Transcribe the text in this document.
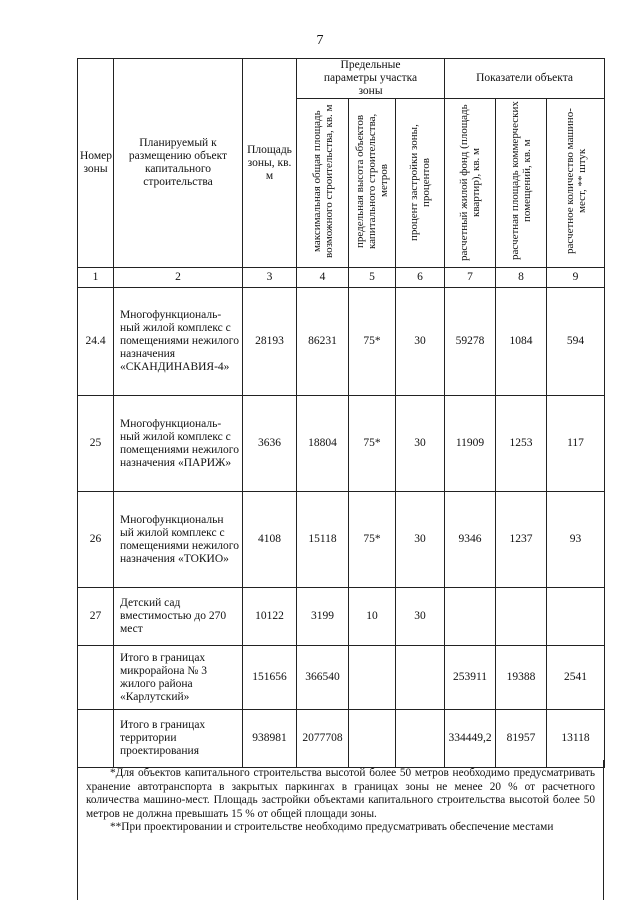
7
Номер зоны	Планируемый к размещению объект капитального строительства	Площадь зоны, кв. м	Предельные параметры участка зоны			Показатели объекта		

			максимальная общая площадь возможного строительства, кв. м	предельная высота объектов капитального строительства, метров	процент застройки зоны, процентов	расчетный жилой фонд (площадь квартир), кв. м	расчетная площадь коммерческих помещений, кв. м	расчетное количество машино-мест, ** штук

1	2	3	4	5	6	7	8	9
24.4	Многофункциональ-ный жилой комплекс с помещениями нежилого назначения «СКАНДИНАВИЯ-4»	28193	86231	75*	30	59278	1084	594
25	Многофункциональ-ный жилой комплекс с помещениями нежилого назначения «ПАРИЖ»	3636	18804	75*	30	11909	1253	117
26	Многофункциональн ый жилой комплекс с помещениями нежилого назначения «ТОКИО»	4108	15118	75*	30	9346	1237	93
27	Детский сад вместимостью до 270 мест	10122	3199	10	30			
	Итого в границах микрорайона № 3 жилого района «Карлутский»	151656	366540			253911	19388	2541
	Итого в границах территории проектирования	938981	2077708			334449,2	81957	13118

*Для объектов капитального строительства высотой более 50 метров необходимо предусматривать хранение автотранспорта в закрытых паркингах в границах зоны не менее 20 % от расчетного количества машино-мест. Площадь застройки объектами капитального строительства высотой более 50 метров не должна превышать 15 % от общей площади зоны.

**При проектировании и строительстве необходимо предусматривать обеспечение местами
